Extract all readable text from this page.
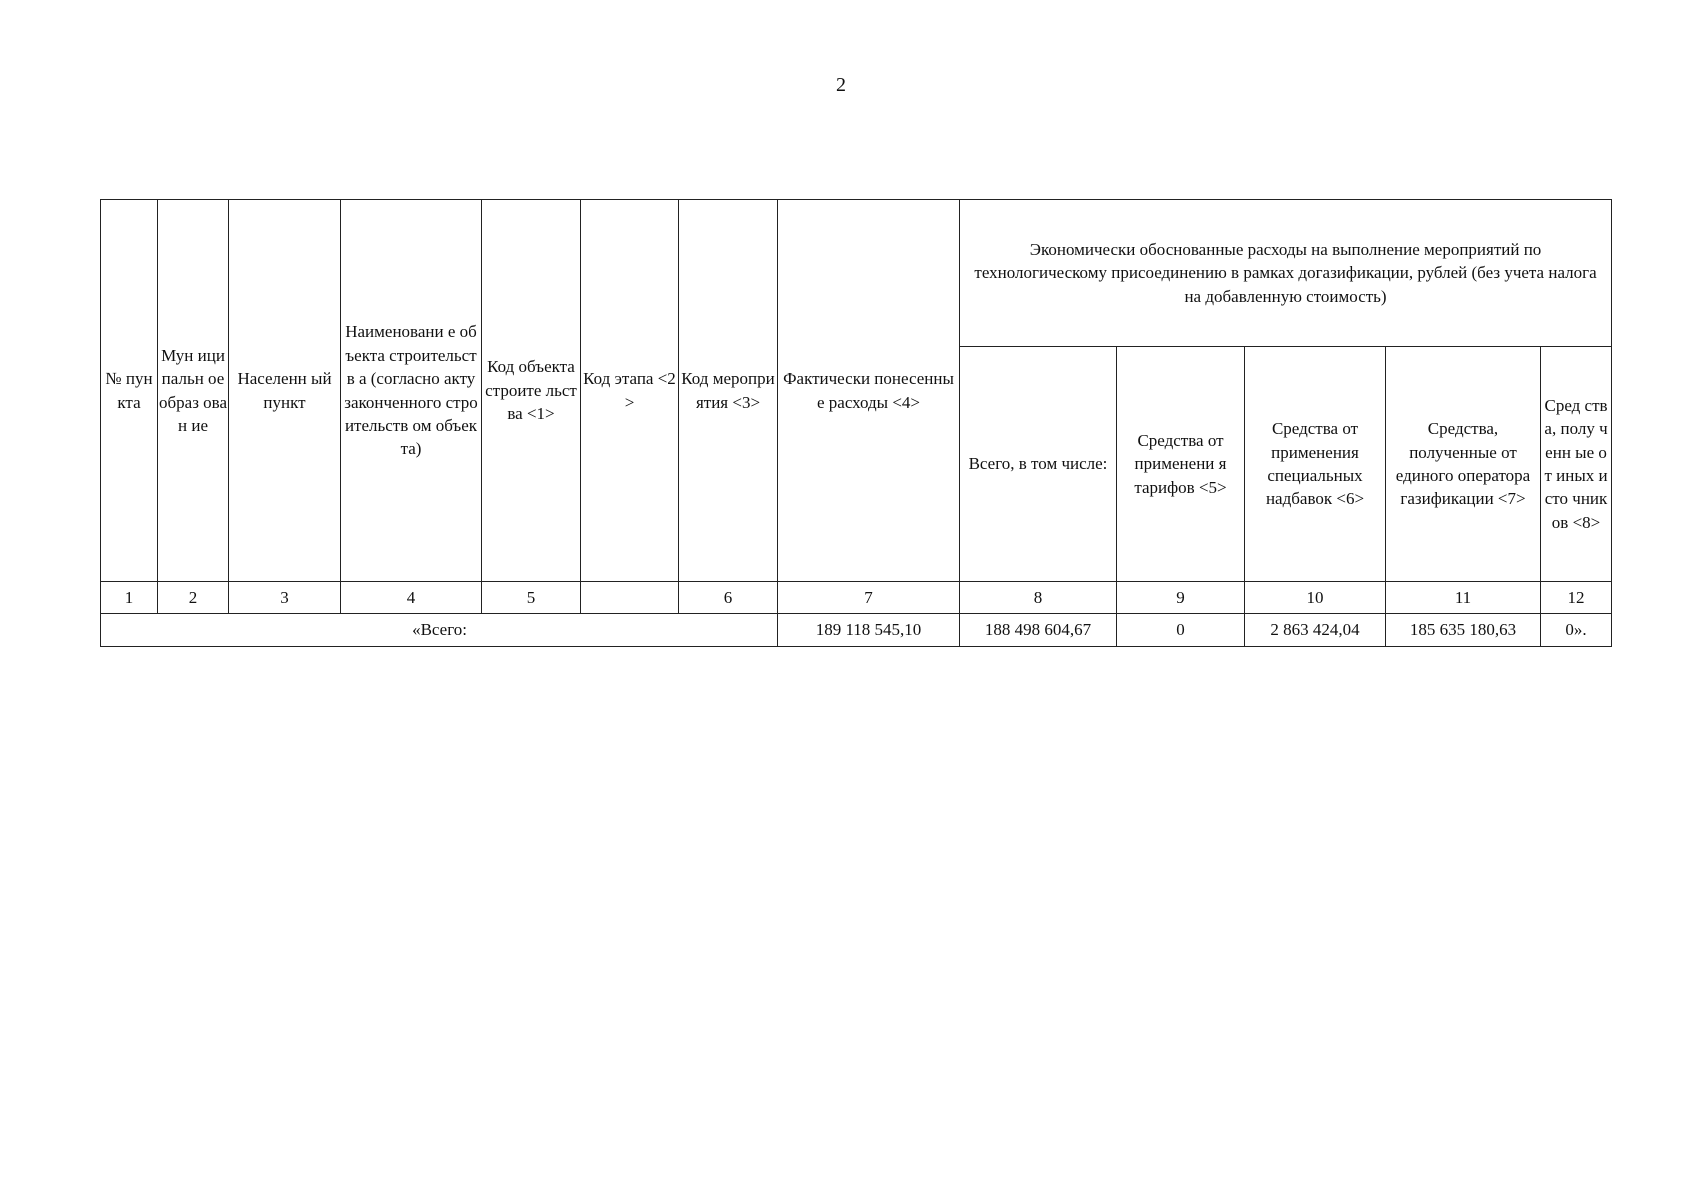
2
№ пун кта	Мун иципальн ое образ ован ие	Населенн ый пункт	Наименовани е объекта строительств а (согласно акту законченного строительств ом объекта)	Код объекта строите льства <1>	Код этапа <2>	Код меропри ятия <3>	Фактически понесенные расходы <4>	Экономически обоснованные расходы на выполнение мероприятий по технологическому присоединению в рамках догазификации, рублей (без учета налога на добавленную стоимость)				
								Всего, в том числе:	Средства от применени я тарифов <5>	Средства от применения специальных надбавок <6>	Средства, полученные от единого оператора газификации <7>	Сред ства, полу ченн ые от иных исто чник ов <8>
1	2	3	4	5		6	7	8	9	10	11	12
«Всего:							189 118 545,10	188 498 604,67	0	2 863 424,04	185 635 180,63	0».
